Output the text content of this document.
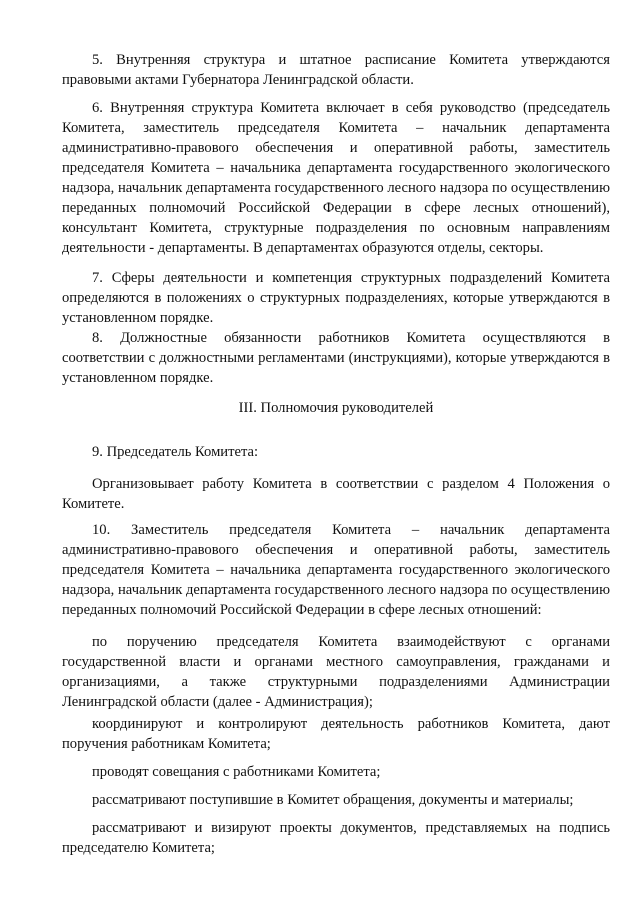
5. Внутренняя структура и штатное расписание Комитета утверждаются правовыми актами Губернатора Ленинградской области.

6. Внутренняя структура Комитета включает в себя руководство (председатель Комитета, заместитель председателя Комитета – начальник департамента административно-правового обеспечения и оперативной работы, заместитель председателя Комитета – начальника департамента государственного экологического надзора, начальник департамента государственного лесного надзора по осуществлению переданных полномочий Российской Федерации в сфере лесных отношений), консультант Комитета, структурные подразделения по основным направлениям деятельности - департаменты. В департаментах образуются отделы, секторы.

7. Сферы деятельности и компетенция структурных подразделений Комитета определяются в положениях о структурных подразделениях, которые утверждаются в установленном порядке.

8. Должностные обязанности работников Комитета осуществляются в соответствии с должностными регламентами (инструкциями), которые утверждаются в установленном порядке.

III. Полномочия руководителей

9. Председатель Комитета:

Организовывает работу Комитета в соответствии с разделом 4 Положения о Комитете.

10. Заместитель председателя Комитета – начальник департамента административно-правового обеспечения и оперативной работы, заместитель председателя Комитета – начальника департамента государственного экологического надзора, начальник департамента государственного лесного надзора по осуществлению переданных полномочий Российской Федерации в сфере лесных отношений:

по поручению председателя Комитета взаимодействуют с органами государственной власти и органами местного самоуправления, гражданами и организациями, а также структурными подразделениями Администрации Ленинградской области (далее - Администрация);

координируют и контролируют деятельность работников Комитета, дают поручения работникам Комитета;

проводят совещания с работниками Комитета;

рассматривают поступившие в Комитет обращения, документы и материалы;

рассматривают и визируют проекты документов, представляемых на подпись председателю Комитета;
